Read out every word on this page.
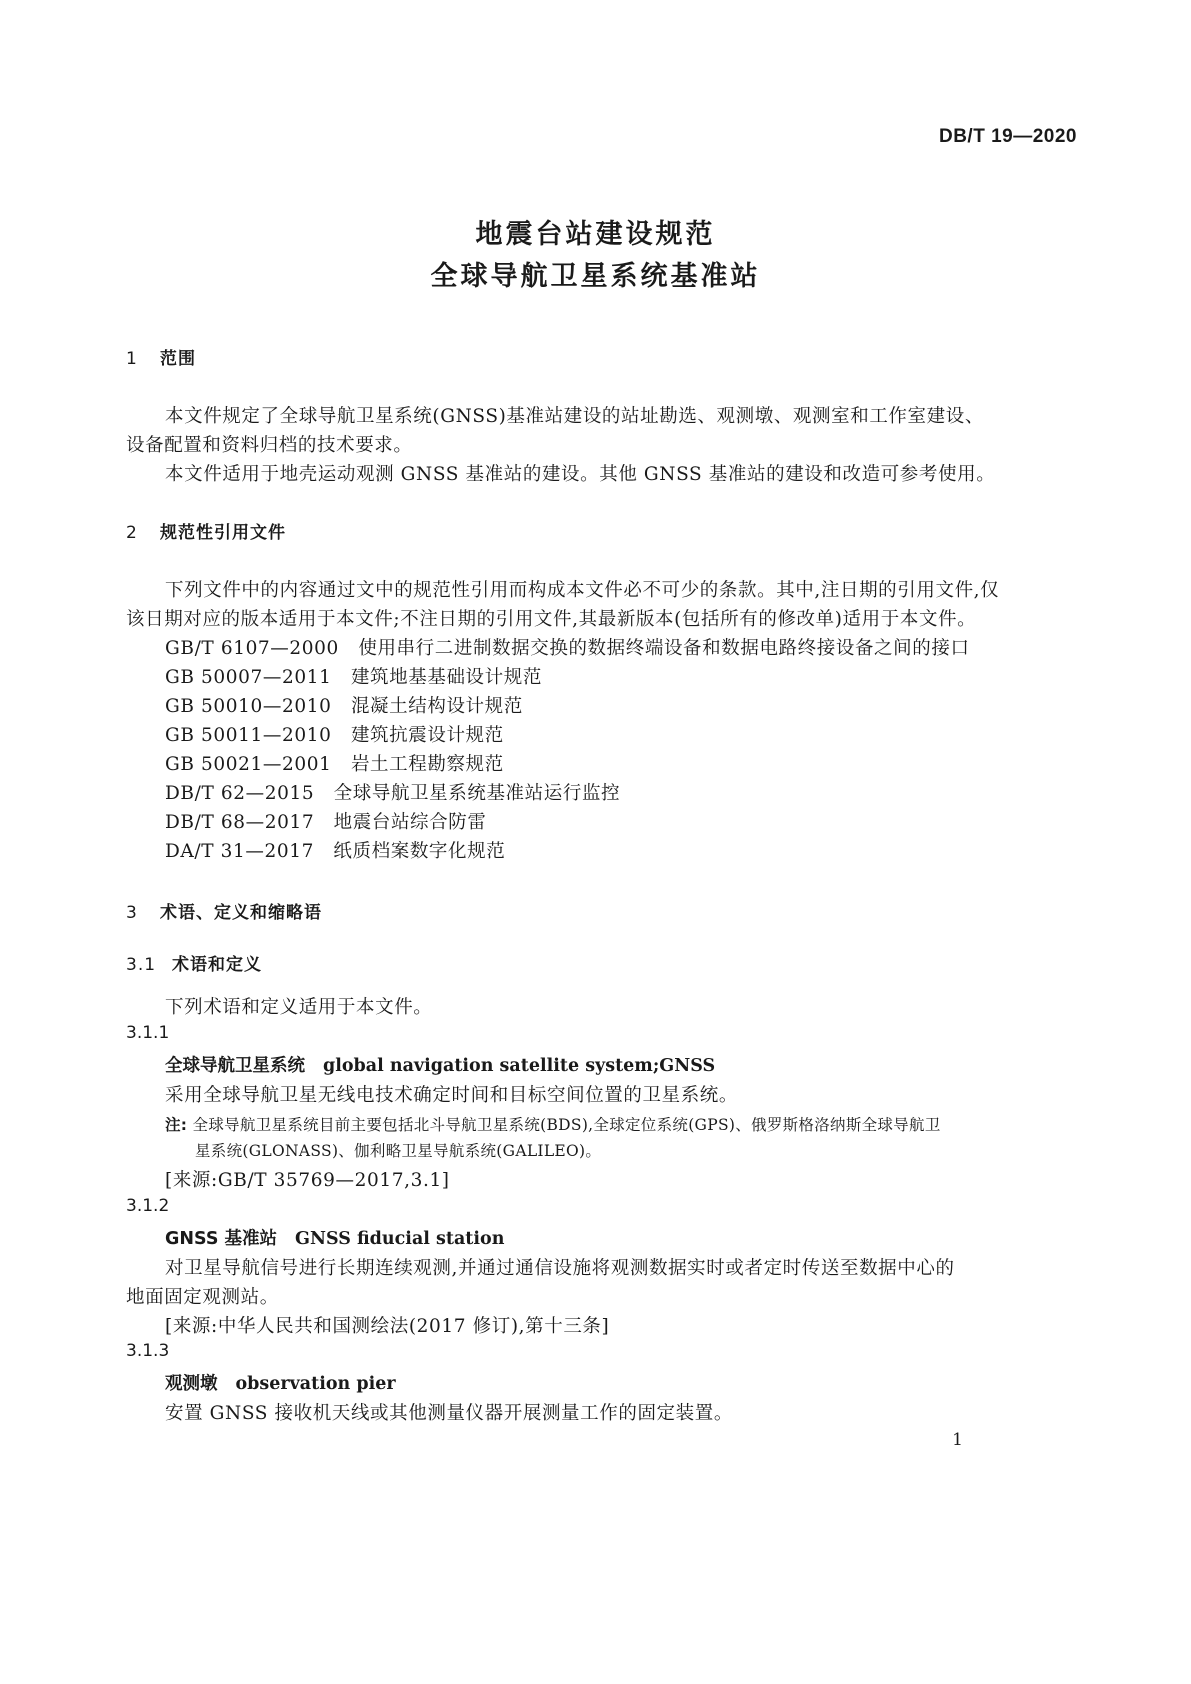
DB/T 19—2020
地震台站建设规范
全球导航卫星系统基准站
1 范围
本文件规定了全球导航卫星系统(GNSS)基准站建设的站址勘选、观测墩、观测室和工作室建设、
设备配置和资料归档的技术要求。
本文件适用于地壳运动观测 GNSS 基准站的建设。其他 GNSS 基准站的建设和改造可参考使用。
2 规范性引用文件
下列文件中的内容通过文中的规范性引用而构成本文件必不可少的条款。其中,注日期的引用文件,仅
该日期对应的版本适用于本文件;不注日期的引用文件,其最新版本(包括所有的修改单)适用于本文件。
GB/T 6107—2000 使用串行二进制数据交换的数据终端设备和数据电路终接设备之间的接口
GB 50007—2011 建筑地基基础设计规范
GB 50010—2010 混凝土结构设计规范
GB 50011—2010 建筑抗震设计规范
GB 50021—2001 岩土工程勘察规范
DB/T 62—2015 全球导航卫星系统基准站运行监控
DB/T 68—2017 地震台站综合防雷
DA/T 31—2017 纸质档案数字化规范
3 术语、定义和缩略语
3.1 术语和定义
下列术语和定义适用于本文件。
3.1.1
全球导航卫星系统 global navigation satellite system;GNSS
采用全球导航卫星无线电技术确定时间和目标空间位置的卫星系统。
注: 全球导航卫星系统目前主要包括北斗导航卫星系统(BDS),全球定位系统(GPS)、俄罗斯格洛纳斯全球导航卫
星系统(GLONASS)、伽利略卫星导航系统(GALILEO)。
[来源:GB/T 35769—2017,3.1]
3.1.2
GNSS 基准站 GNSS fiducial station
对卫星导航信号进行长期连续观测,并通过通信设施将观测数据实时或者定时传送至数据中心的
地面固定观测站。
[来源:中华人民共和国测绘法(2017 修订),第十三条]
3.1.3
观测墩 observation pier
安置 GNSS 接收机天线或其他测量仪器开展测量工作的固定装置。
1
